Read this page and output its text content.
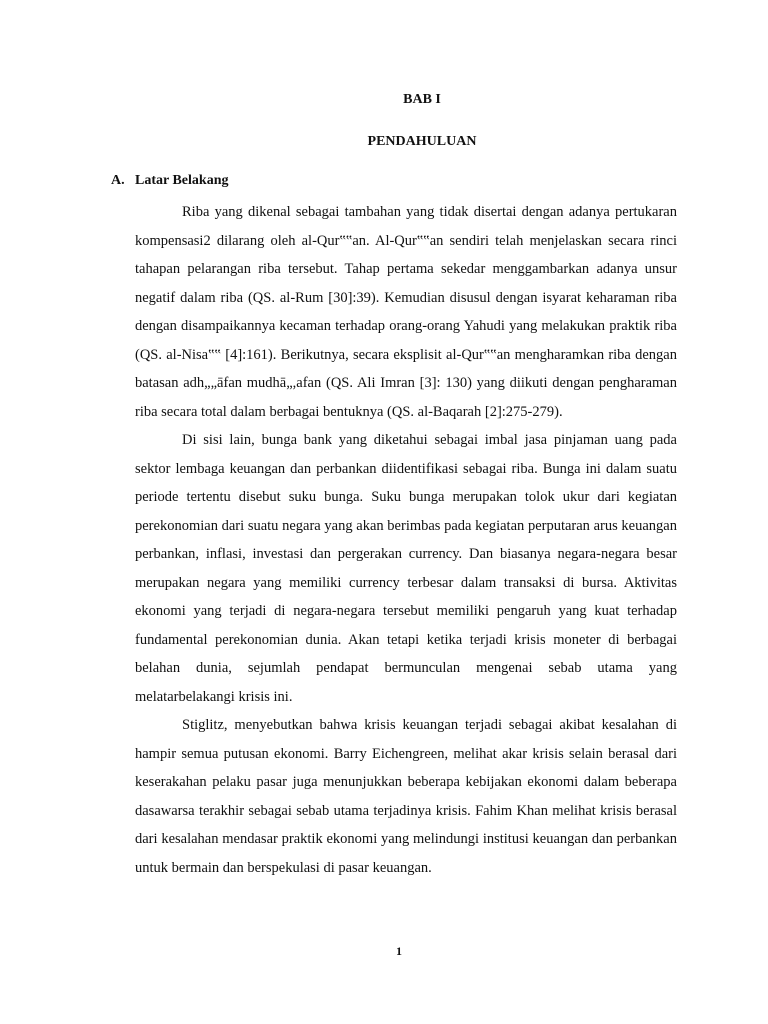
BAB I
PENDAHULUAN
A. Latar Belakang

Riba yang dikenal sebagai tambahan yang tidak disertai dengan adanya pertukaran kompensasi2 dilarang oleh al-Qur‟‟an. Al-Qur‟‟an sendiri telah menjelaskan secara rinci tahapan pelarangan riba tersebut. Tahap pertama sekedar menggambarkan adanya unsur negatif dalam riba (QS. al-Rum [30]:39). Kemudian disusul dengan isyarat keharaman riba dengan disampaikannya kecaman terhadap orang-orang Yahudi yang melakukan praktik riba (QS. al-Nisa‟‟ [4]:161). Berikutnya, secara eksplisit al-Qur‟‟an mengharamkan riba dengan batasan adh„„āfan mudhā„,afan (QS. Ali Imran [3]: 130) yang diikuti dengan pengharaman riba secara total dalam berbagai bentuknya (QS. al-Baqarah [2]:275-279).

Di sisi lain, bunga bank yang diketahui sebagai imbal jasa pinjaman uang pada sektor lembaga keuangan dan perbankan diidentifikasi sebagai riba. Bunga ini dalam suatu periode tertentu disebut suku bunga. Suku bunga merupakan tolok ukur dari kegiatan perekonomian dari suatu negara yang akan berimbas pada kegiatan perputaran arus keuangan perbankan, inflasi, investasi dan pergerakan currency. Dan biasanya negara-negara besar merupakan negara yang memiliki currency terbesar dalam transaksi di bursa. Aktivitas ekonomi yang terjadi di negara-negara tersebut memiliki pengaruh yang kuat terhadap fundamental perekonomian dunia. Akan tetapi ketika terjadi krisis moneter di berbagai belahan dunia, sejumlah pendapat bermunculan mengenai sebab utama yang melatarbelakangi krisis ini.

Stiglitz, menyebutkan bahwa krisis keuangan terjadi sebagai akibat kesalahan di hampir semua putusan ekonomi. Barry Eichengreen, melihat akar krisis selain berasal dari keserakahan pelaku pasar juga menunjukkan beberapa kebijakan ekonomi dalam beberapa dasawarsa terakhir sebagai sebab utama terjadinya krisis. Fahim Khan melihat krisis berasal dari kesalahan mendasar praktik ekonomi yang melindungi institusi keuangan dan perbankan untuk bermain dan berspekulasi di pasar keuangan.

1
